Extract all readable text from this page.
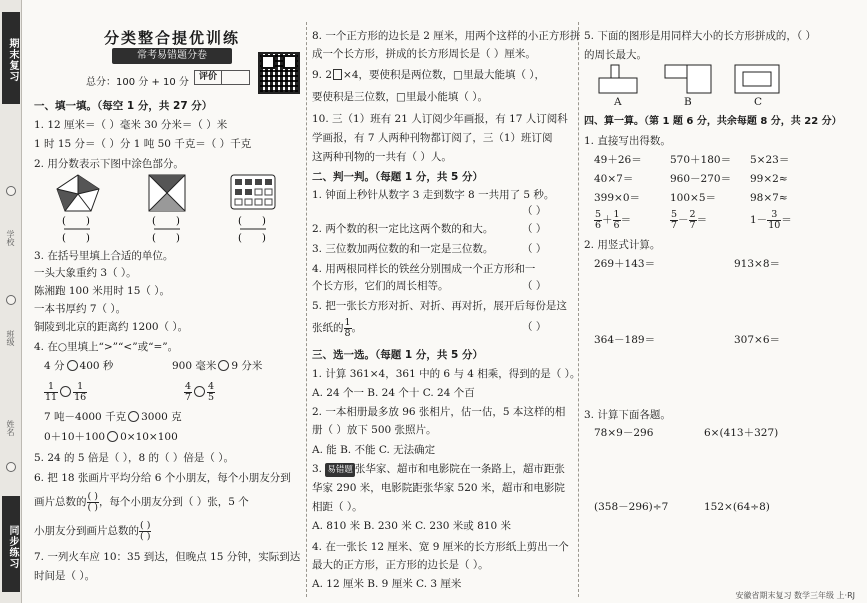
期末复习
学校
班级
姓名
同步练习
分类整合提优训练
常考易错题分卷
总分：100 分 + 10 分	评价
一、填一填。（每空 1 分，共 27 分）
1. 12 厘米＝（ ）毫米 30 分米＝（ ）米
1 时 15 分＝（ ）分 1 吨 50 千克＝（ ）千克
2. 用分数表示下图中涂色部分。
( )
( )
( )
( )
( )
( )
3. 在括号里填上合适的单位。
一头大象重约 3（ ）。
陈湘跑 100 米用时 15（ ）。
一本书厚约 7（ ）。
铜陵到北京的距离约 1200（ ）。
4. 在○里填上“>”“<”或“=”。
4 分 400 秒	900 毫米 9 分米
$\frac{1}{11} \frac{1}{16}$	$\frac{4}{7} \frac{4}{5}$
7 吨－4000 千克 3000 克
0＋10＋100 0×10×100
5. 24 的 5 倍是（ ），8 的（ ）倍是（ ）。
6. 把 18 张画片平均分给 6 个小朋友，每个小朋友分到
画片总数的 $\frac{( )}{( )}$ ，每个小朋友分到（ ）张，5 个
小朋友分到画片总数的 $\frac{( )}{( )}$
7. 一列火车应 10：35 到达，但晚点 15 分钟，实际到达
时间是（ ）。
8. 一个正方形的边长是 2 厘米，用两个这样的小正方形拼
成一个长方形，拼成的长方形周长是（ ）厘米。
9. 2 ×4，要使积是两位数，□里最大能填（ ），
要使积是三位数，□里最小能填（ ）。
10. 三（1）班有 21 人订阅少年画报，有 17 人订阅科
学画报，有 7 人两种刊物都订阅了，三（1）班订阅
这两种刊物的一共有（ ）人。
二、判一判。（每题 1 分，共 5 分）
1. 钟面上秒针从数字 3 走到数字 8 一共用了 5 秒。
（ ）
2. 两个数的积一定比这两个数的和大。	（ ）
3. 三位数加两位数的和一定是三位数。	（ ）
4. 用两根同样长的铁丝分别围成一个正方形和一
个长方形，它们的周长相等。	（ ）
5. 把一张长方形对折、对折、再对折，展开后每份是这
张纸的 $\frac{1}{8}$ 。	（ ）
三、选一选。（每题 1 分，共 5 分）
1. 计算 361×4，361 中的 6 与 4 相乘，得到的是（ ）。
A. 24 个一 B. 24 个十 C. 24 个百
2. 一本相册最多放 96 张相片，估一估，5 本这样的相
册（ ）放下 500 张照片。
A. 能 B. 不能 C. 无法确定
3. 易错题 张华家、超市和电影院在一条路上，超市距张
华家 290 米，电影院距张华家 520 米，超市和电影院
相距（ ）。
A. 810 米 B. 230 米 C. 230 米或 810 米
4. 在一张长 12 厘米、宽 9 厘米的长方形纸上剪出一个
最大的正方形，正方形的边长是（ ）。
A. 12 厘米 B. 9 厘米 C. 3 厘米
5. 下面的图形是用同样大小的长方形拼成的，（ ）
的周长最大。
A	B	C
四、算一算。（第 1 题 6 分，共余每题 8 分，共 22 分）
1. 直接写出得数。
49＋26＝	570＋180＝ 5×23＝
40×7＝	960－270＝ 99×2≈
399×0＝	100×5＝	98×7≈
$\frac{5}{6} + \frac{1}{6}$ ＝	$\frac{5}{7} - \frac{2}{7}$ ＝	$1- \frac{3}{10}$ ＝
2. 用竖式计算。
269＋143＝	913×8＝
364－189＝	307×6＝
3. 计算下面各题。
78×9－296	6×(413＋327)
(358－296)÷7	152×(64÷8)
安徽省期末复习 数学三年级 上·RJ
